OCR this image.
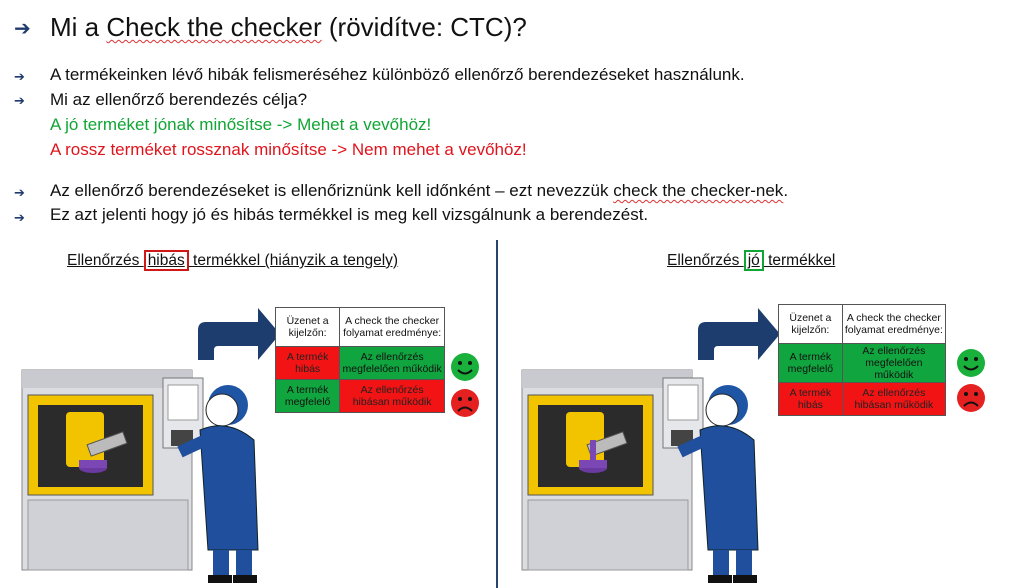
➔ Mi a Check the checker (rövidítve: CTC)?
➔ A termékeinken lévő hibák felismeréséhez különböző ellenőrző berendezéseket használunk.
➔ Mi az ellenőrző berendezés célja?
A jó terméket jónak minősítse -> Mehet a vevőhöz!
A rossz terméket rossznak minősítse -> Nem mehet a vevőhöz!
➔ Az ellenőrző berendezéseket is ellenőriznünk kell időnként – ezt nevezzük check the checker-nek.
➔ Ez azt jelenti hogy jó és hibás termékkel is meg kell vizsgálnunk a berendezést.
Ellenőrzés hibás termékkel (hiányzik a tengely)	Ellenőrzés jó termékkel
Üzenet a kijelzőn:	A check the checker folyamat eredménye:
A termék hibás	Az ellenőrzés megfelelően működik
A termék megfelelő	Az ellenőrzés hibásan működik
Üzenet a kijelzőn:	A check the checker folyamat eredménye:
A termék megfelelő	Az ellenőrzés megfelelően működik
A termék hibás	Az ellenőrzés hibásan működik
